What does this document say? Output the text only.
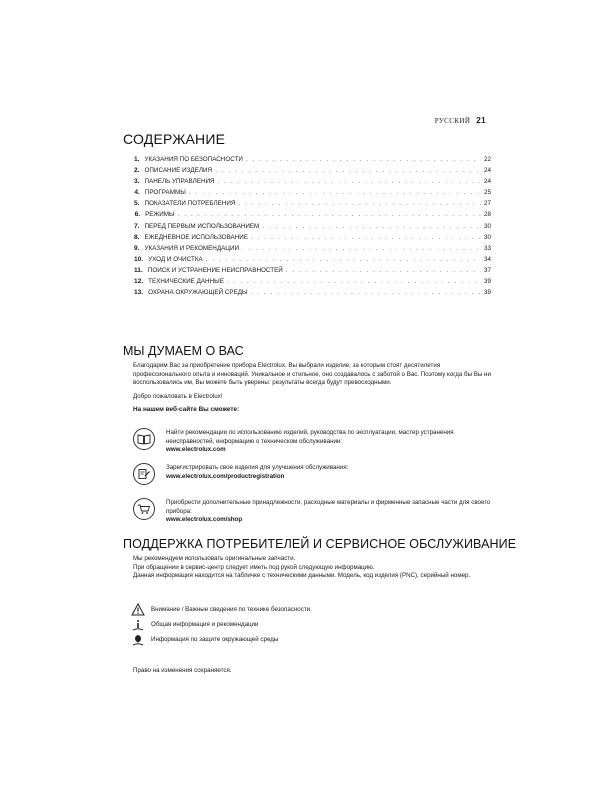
РУССКИЙ 21
СОДЕРЖАНИЕ
1. УКАЗАНИЯ ПО БЕЗОПАСНОСТИ . . .	22
2. ОПИСАНИЕ ИЗДЕЛИЯ . . .	24
3. ПАНЕЛЬ УПРАВЛЕНИЯ . . .	24
4. ПРОГРАММЫ . . .	25
5. ПОКАЗАТЕЛИ ПОТРЕБЛЕНИЯ . . .	27
6. РЕЖИМЫ . . .	28
7. ПЕРЕД ПЕРВЫМ ИСПОЛЬЗОВАНИЕМ . . .	30
8. ЕЖЕДНЕВНОЕ ИСПОЛЬЗОВАНИЕ . . .	30
9. УКАЗАНИЯ И РЕКОМЕНДАЦИИ . . .	33
10. УХОД И ОЧИСТКА . . .	34
11. ПОИСК И УСТРАНЕНИЕ НЕИСПРАВНОСТЕЙ . . .	37
12. ТЕХНИЧЕСКИЕ ДАННЫЕ . . .	39
13. ОХРАНА ОКРУЖАЮЩЕЙ СРЕДЫ . . .	39
МЫ ДУМАЕМ О ВАС

Благодарим Вас за приобретение прибора Electrolux. Вы выбрали изделие, за которым стоят десятилетия профессионального опыта и инноваций. Уникальное и стильное, оно создавалось с заботой о Вас. Поэтому когда бы Вы ни воспользовались им, Вы можете быть уверены: результаты всегда будут превосходными.

Добро пожаловать в Electrolux!

На нашем веб-сайте Вы сможете:
Найти рекомендации по использованию изделий, руководства по эксплуатации, мастер устранения неисправностей, информацию о техническом обслуживании:
www.electrolux.com
Зарегистрировать свое изделия для улучшения обслуживания:
www.electrolux.com/productregistration
Приобрести дополнительные принадлежности, расходные материалы и фирменные запасные части для своего прибора:
www.electrolux.com/shop
ПОДДЕРЖКА ПОТРЕБИТЕЛЕЙ И СЕРВИСНОЕ ОБСЛУЖИВАНИЕ
Мы рекомендуем использовать оригинальные запчасти.
При обращении в сервис-центр следует иметь под рукой следующую информацию.
Данная информация находится на табличке с техническими данными. Модель, код изделия (PNC), серийный номер.
Внимание / Важные сведения по технике безопасности.
Общая информация и рекомендации
Информация по защите окружающей среды
Право на изменения сохраняется.
